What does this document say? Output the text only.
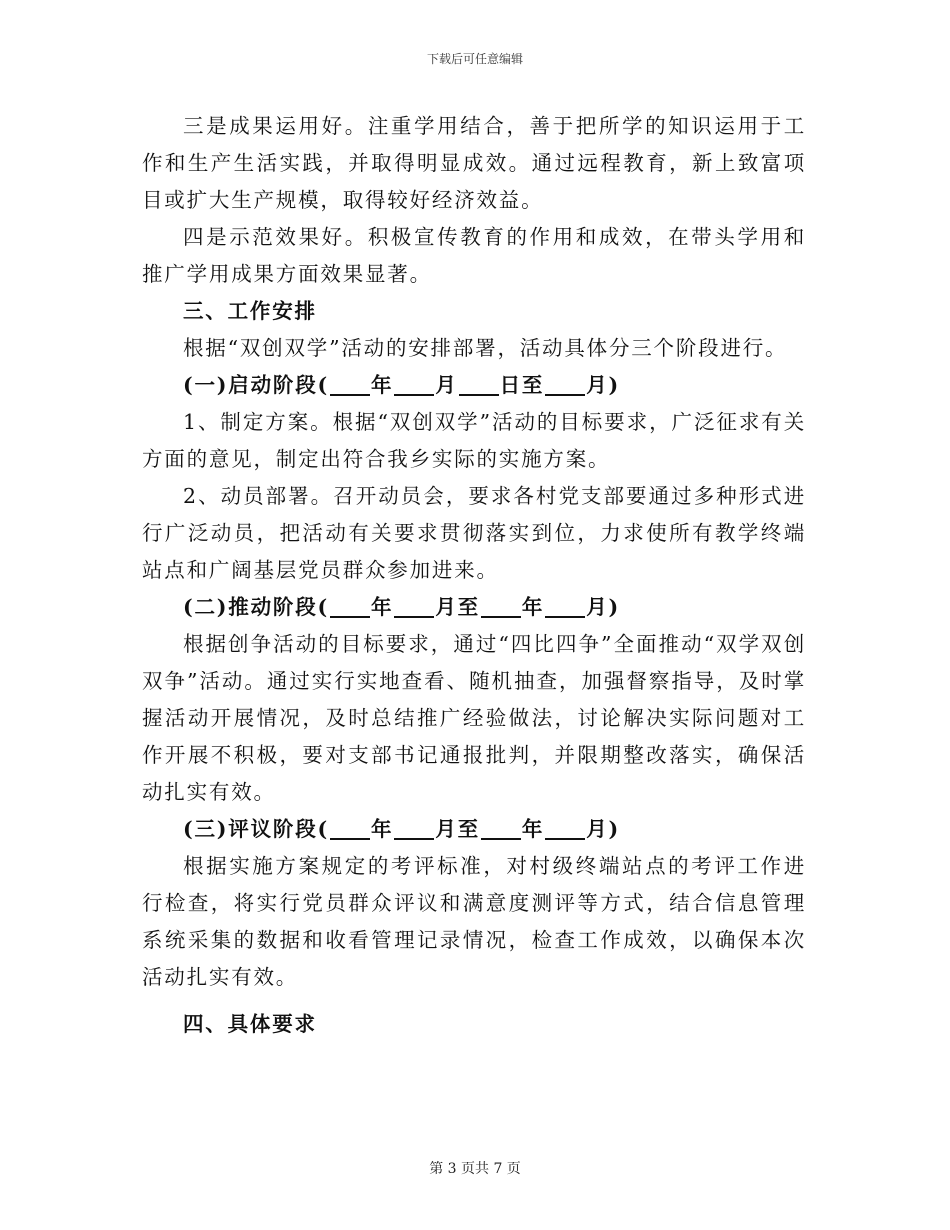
下载后可任意编辑

三是成果运用好。注重学用结合，善于把所学的知识运用于工作和生产生活实践，并取得明显成效。通过远程教育，新上致富项目或扩大生产规模，取得较好经济效益。

四是示范效果好。积极宣传教育的作用和成效，在带头学用和推广学用成果方面效果显著。

三、工作安排

根据“双创双学”活动的安排部署，活动具体分三个阶段进行。

(一)启动阶段( 年 月 日至 月)

1、制定方案。根据“双创双学”活动的目标要求，广泛征求有关方面的意见，制定出符合我乡实际的实施方案。

2、动员部署。召开动员会，要求各村党支部要通过多种形式进行广泛动员，把活动有关要求贯彻落实到位，力求使所有教学终端站点和广阔基层党员群众参加进来。

(二)推动阶段( 年 月至 年 月)

根据创争活动的目标要求，通过“四比四争”全面推动“双学双创双争”活动。通过实行实地查看、随机抽查，加强督察指导，及时掌握活动开展情况，及时总结推广经验做法，讨论解决实际问题对工作开展不积极，要对支部书记通报批判，并限期整改落实，确保活动扎实有效。

(三)评议阶段( 年 月至 年 月)

根据实施方案规定的考评标准，对村级终端站点的考评工作进行检查，将实行党员群众评议和满意度测评等方式，结合信息管理系统采集的数据和收看管理记录情况，检查工作成效，以确保本次活动扎实有效。

四、具体要求

第 3 页共 7 页
